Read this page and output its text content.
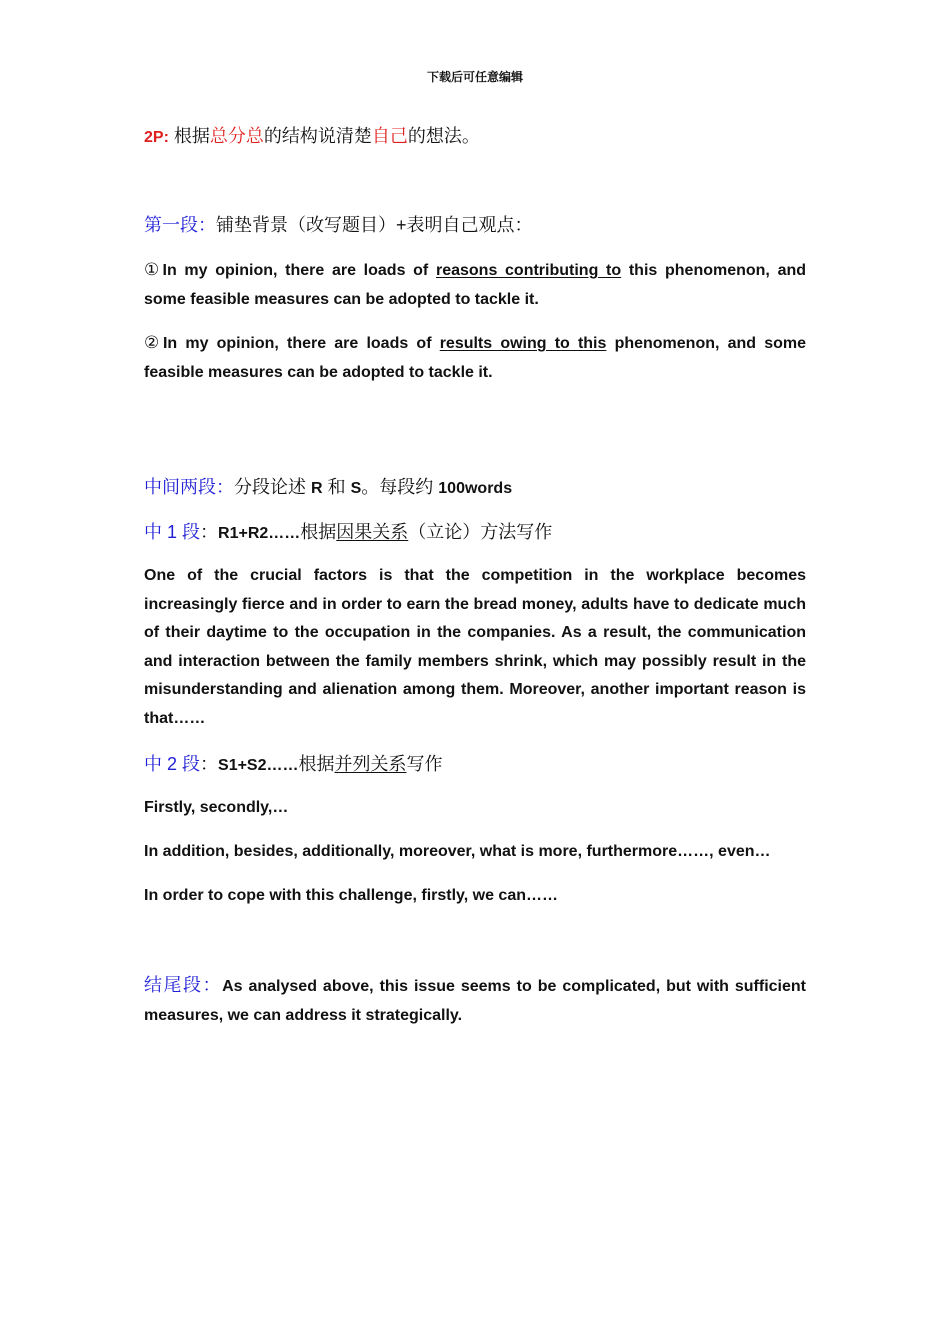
下载后可任意编辑
2P: 根据总分总的结构说清楚自己的想法。
第一段：铺垫背景（改写题目）+表明自己观点：
①In my opinion, there are loads of reasons contributing to this phenomenon, and some feasible measures can be adopted to tackle it.
②In my opinion, there are loads of results owing to this phenomenon, and some feasible measures can be adopted to tackle it.
中间两段：分段论述 R 和 S。每段约 100words
中 1 段：R1+R2……根据因果关系（立论）方法写作
One of the crucial factors is that the competition in the workplace becomes increasingly fierce and in order to earn the bread money, adults have to dedicate much of their daytime to the occupation in the companies. As a result, the communication and interaction between the family members shrink, which may possibly result in the misunderstanding and alienation among them. Moreover, another important reason is that……
中 2 段：S1+S2……根据并列关系写作
Firstly, secondly,…
In addition, besides, additionally, moreover, what is more, furthermore……, even…
In order to cope with this challenge, firstly, we can……
结尾段：As analysed above, this issue seems to be complicated, but with sufficient measures, we can address it strategically.
